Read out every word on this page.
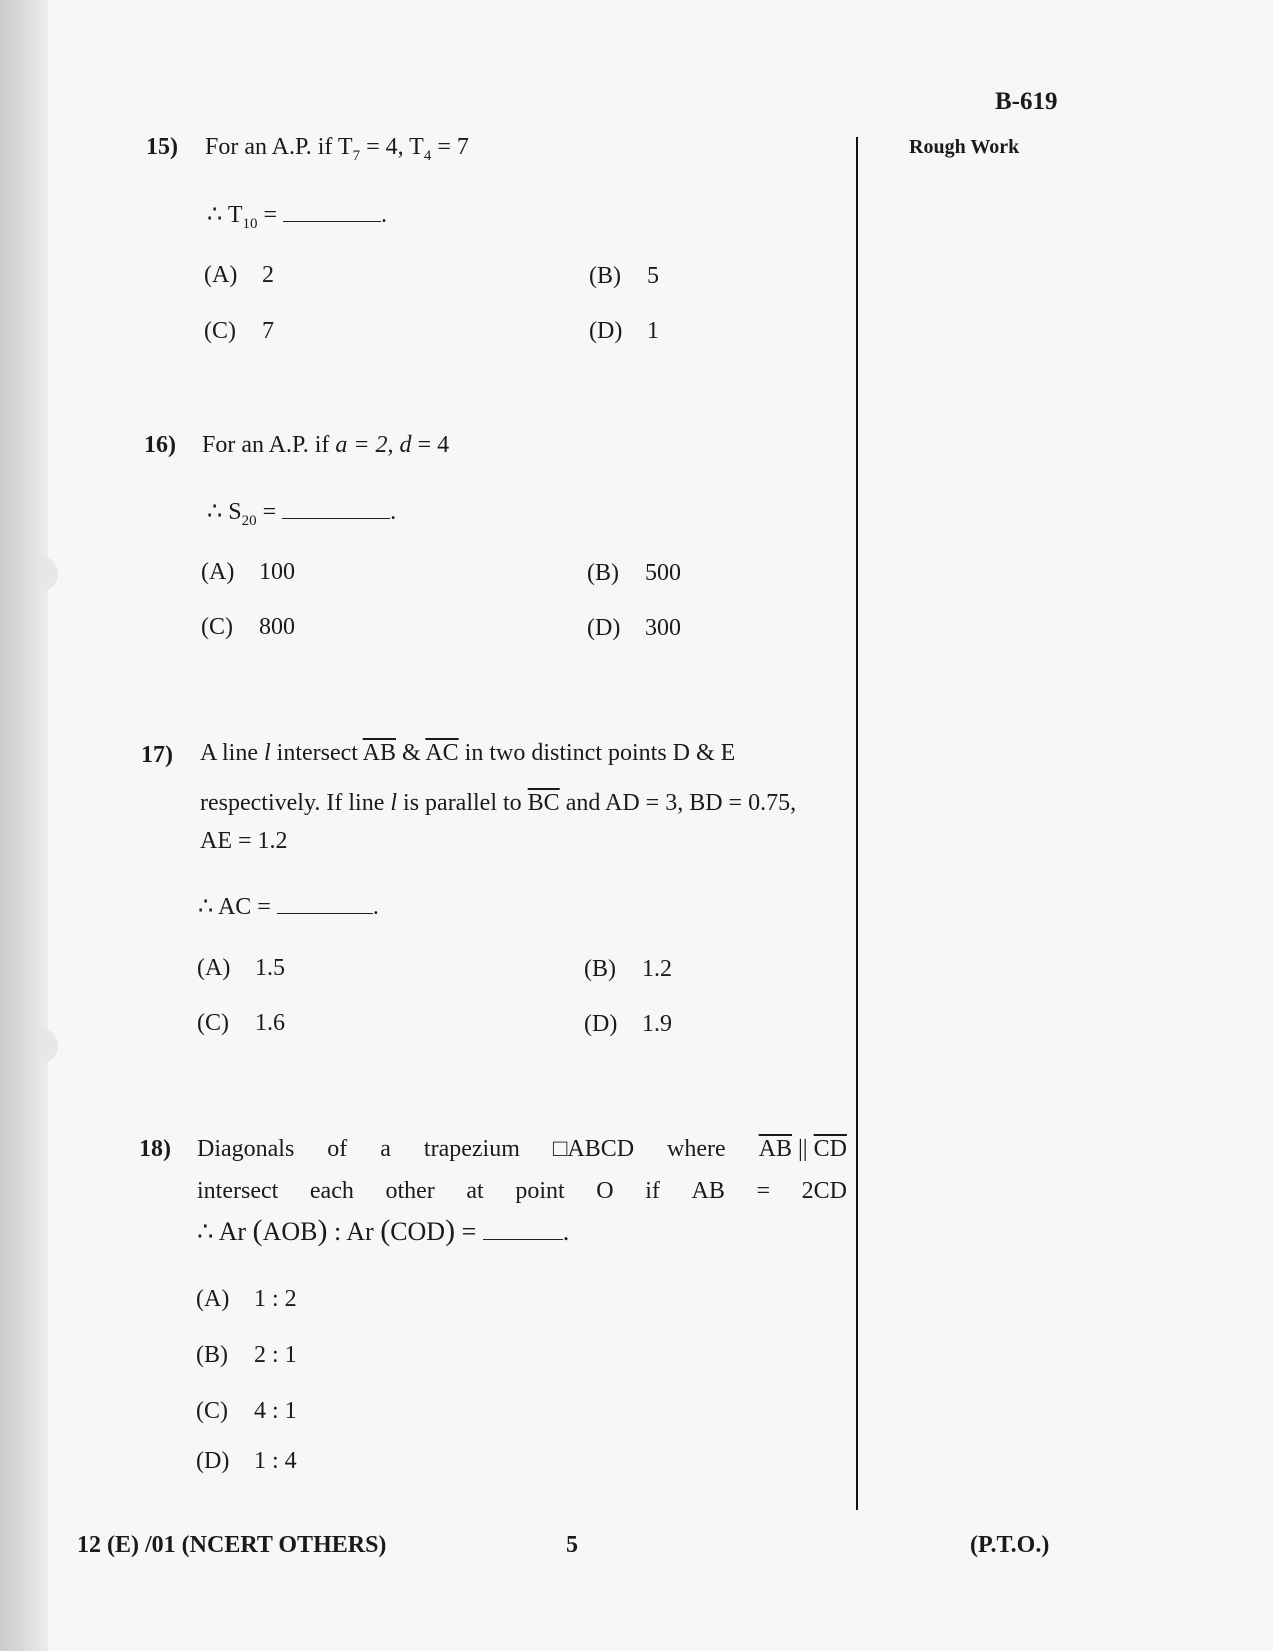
B-619
Rough Work
15) For an A.P. if $T_7 = 4$, $T_4 = 7$
∴ $T_{10}$ =	.
(A) 2	(B) 5
(C) 7	(D) 1
16) For an A.P. if a = 2, d = 4
∴ $S_{20}$ =	.
(A) 100	(B) 500
(C) 800	(D) 300
17) A line l intersect $\overline{AB}$ & $\overline{AC}$ in two distinct points D & E
respectively. If line l is parallel to $\overline{BC}$ and AD = 3, BD = 0.75,
AE = 1.2
∴ AC =	.
(A) 1.5	(B) 1.2
(C) 1.6	(D) 1.9
18) Diagonals of a trapezium □ABCD where $\overline{AB}$ || $\overline{CD}$
intersect each other at point O if AB = 2CD
∴ Ar (AOB) : Ar (COD) =	.
(A) 1 : 2
(B) 2 : 1
(C) 4 : 1
(D) 1 : 4
12 (E) /01 (NCERT OTHERS)	5	(P.T.O.)
